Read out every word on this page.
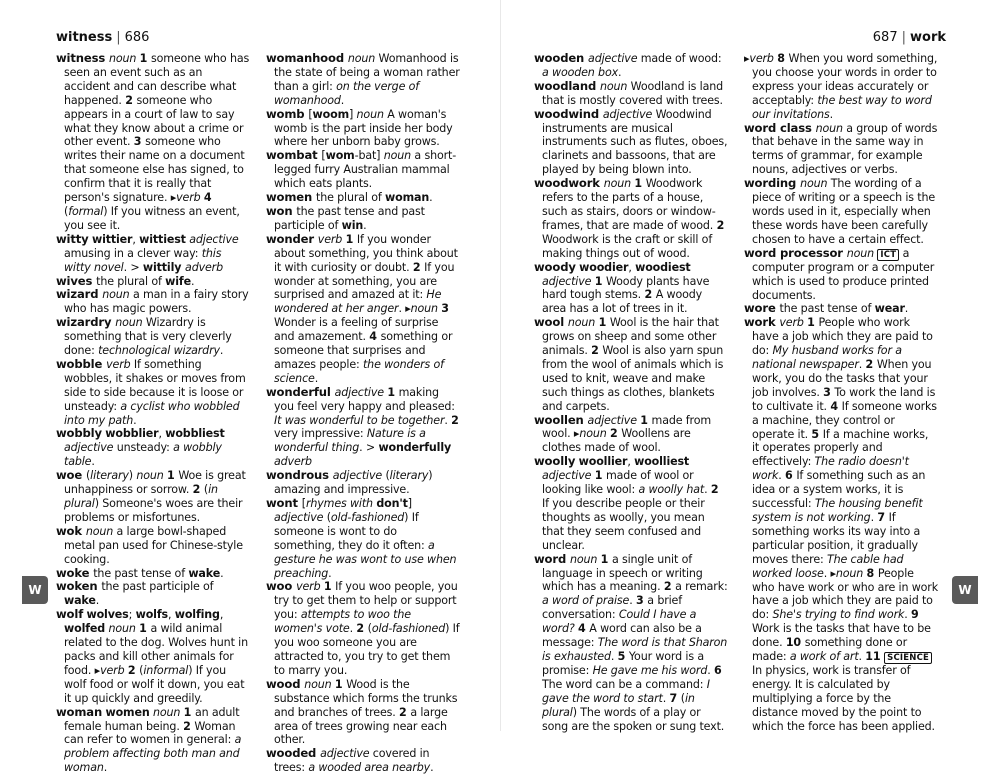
witness | 686	687 | work

witness noun 1 someone who has seen an event such as an accident and can describe what happened. 2 someone who appears in a court of law to say what they know about a crime or other event. 3 someone who writes their name on a document that someone else has signed, to confirm that it is really that person's signature. ▸verb 4 (formal) If you witness an event, you see it.

witty wittier, wittiest adjective amusing in a clever way: this witty novel. > wittily adverb

wives the plural of wife.

wizard noun a man in a fairy story who has magic powers.

wizardry noun Wizardry is something that is very cleverly done: technological wizardry.

wobble verb If something wobbles, it shakes or moves from side to side because it is loose or unsteady: a cyclist who wobbled into my path.

wobbly wobblier, wobbliest adjective unsteady: a wobbly table.

woe (literary) noun 1 Woe is great unhappiness or sorrow. 2 (in plural) Someone's woes are their problems or misfortunes.

wok noun a large bowl-shaped metal pan used for Chinese-style cooking.

woke the past tense of wake.

woken the past participle of wake.

wolf wolves; wolfs, wolfing, wolfed noun 1 a wild animal related to the dog. Wolves hunt in packs and kill other animals for food. ▸verb 2 (informal) If you wolf food or wolf it down, you eat it up quickly and greedily.

woman women noun 1 an adult female human being. 2 Woman can refer to women in general: a problem affecting both man and woman.

womanhood noun Womanhood is the state of being a woman rather than a girl: on the verge of womanhood.

womb [woom] noun A woman's womb is the part inside her body where her unborn baby grows.

wombat [wom-bat] noun a short-legged furry Australian mammal which eats plants.

women the plural of woman.

won the past tense and past participle of win.

wonder verb 1 If you wonder about something, you think about it with curiosity or doubt. 2 If you wonder at something, you are surprised and amazed at it: He wondered at her anger. ▸noun 3 Wonder is a feeling of surprise and amazement. 4 something or someone that surprises and amazes people: the wonders of science.

wonderful adjective 1 making you feel very happy and pleased: It was wonderful to be together. 2 very impressive: Nature is a wonderful thing. > wonderfully adverb

wondrous adjective (literary) amazing and impressive.

wont [rhymes with don't] adjective (old-fashioned) If someone is wont to do something, they do it often: a gesture he was wont to use when preaching.

woo verb 1 If you woo people, you try to get them to help or support you: attempts to woo the women's vote. 2 (old-fashioned) If you woo someone you are attracted to, you try to get them to marry you.

wood noun 1 Wood is the substance which forms the trunks and branches of trees. 2 a large area of trees growing near each other.

wooded adjective covered in trees: a wooded area nearby.

wooden adjective made of wood: a wooden box.

woodland noun Woodland is land that is mostly covered with trees.

woodwind adjective Woodwind instruments are musical instruments such as flutes, oboes, clarinets and bassoons, that are played by being blown into.

woodwork noun 1 Woodwork refers to the parts of a house, such as stairs, doors or window-frames, that are made of wood. 2 Woodwork is the craft or skill of making things out of wood.

woody woodier, woodiest adjective 1 Woody plants have hard tough stems. 2 A woody area has a lot of trees in it.

wool noun 1 Wool is the hair that grows on sheep and some other animals. 2 Wool is also yarn spun from the wool of animals which is used to knit, weave and make such things as clothes, blankets and carpets.

woollen adjective 1 made from wool. ▸noun 2 Woollens are clothes made of wool.

woolly woollier, woolliest adjective 1 made of wool or looking like wool: a woolly hat. 2 If you describe people or their thoughts as woolly, you mean that they seem confused and unclear.

word noun 1 a single unit of language in speech or writing which has a meaning. 2 a remark: a word of praise. 3 a brief conversation: Could I have a word? 4 A word can also be a message: The word is that Sharon is exhausted. 5 Your word is a promise: He gave me his word. 6 The word can be a command: I gave the word to start. 7 (in plural) The words of a play or song are the spoken or sung text.

▸verb 8 When you word something, you choose your words in order to express your ideas accurately or acceptably: the best way to word our invitations.

word class noun a group of words that behave in the same way in terms of grammar, for example nouns, adjectives or verbs.

wording noun The wording of a piece of writing or a speech is the words used in it, especially when these words have been carefully chosen to have a certain effect.

word processor noun ICT a computer program or a computer which is used to produce printed documents.

wore the past tense of wear.

work verb 1 People who work have a job which they are paid to do: My husband works for a national newspaper. 2 When you work, you do the tasks that your job involves. 3 To work the land is to cultivate it. 4 If someone works a machine, they control or operate it. 5 If a machine works, it operates properly and effectively: The radio doesn't work. 6 If something such as an idea or a system works, it is successful: The housing benefit system is not working. 7 If something works its way into a particular position, it gradually moves there: The cable had worked loose. ▸noun 8 People who have work or who are in work have a job which they are paid to do: She's trying to find work. 9 Work is the tasks that have to be done. 10 something done or made: a work of art. 11 SCIENCE In physics, work is transfer of energy. It is calculated by multiplying a force by the distance moved by the point to which the force has been applied.

W	W
